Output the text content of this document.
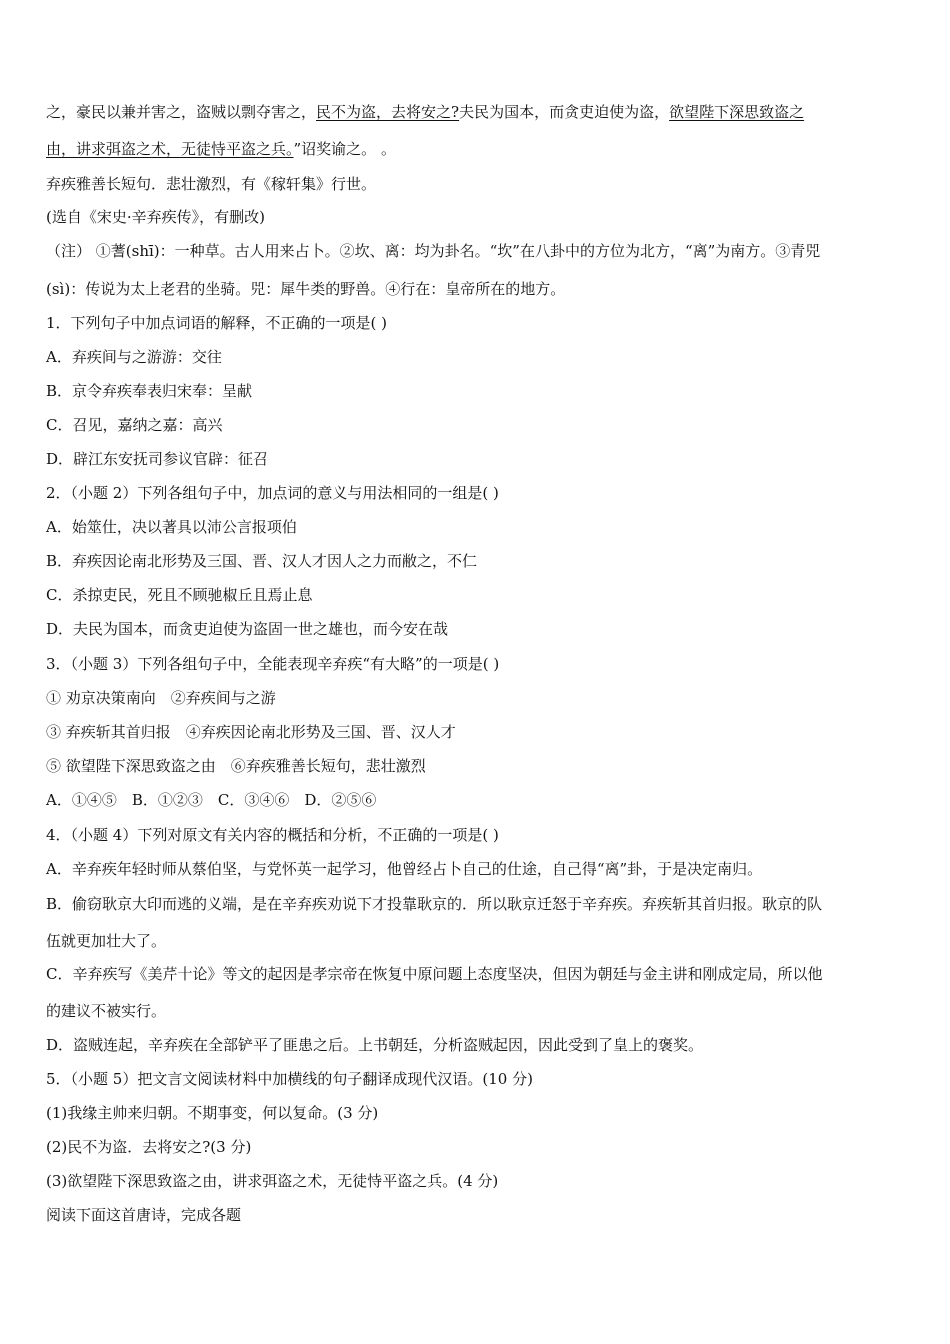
之，豪民以兼并害之，盗贼以剽夺害之，民不为盗，去将安之?夫民为国本，而贪吏迫使为盗，欲望陛下深思致盗之
由，讲求弭盗之术，无徒恃平盗之兵。”诏奖谕之。 。
弃疾雅善长短句．悲壮激烈，有《稼轩集》行世。
(选自《宋史·辛弃疾传》，有删改)
（注） ①蓍(shī)：一种草。古人用来占卜。②坎、离：均为卦名。“坎”在八卦中的方位为北方，“离”为南方。③青兕
(sì)：传说为太上老君的坐骑。兕：犀牛类的野兽。④行在：皇帝所在的地方。
1．下列句子中加点词语的解释，不正确的一项是( )
A．弃疾间与之游游：交往
B．京令弃疾奉表归宋奉：呈献
C．召见，嘉纳之嘉：高兴
D．辟江东安抚司参议官辟：征召
2．（小题 2）下列各组句子中，加点词的意义与用法相同的一组是( )
A．始筮仕，决以著具以沛公言报项伯
B．弃疾因论南北形势及三国、晋、汉人才因人之力而敝之，不仁
C．杀掠吏民，死且不顾驰椒丘且焉止息
D．夫民为国本，而贪吏迫使为盗固一世之雄也，而今安在哉
3．（小题 3）下列各组句子中，全能表现辛弃疾“有大略”的一项是( )
① 劝京决策南向　②弃疾间与之游
③ 弃疾斩其首归报　④弃疾因论南北形势及三国、晋、汉人才
⑤ 欲望陛下深思致盗之由　⑥弃疾雅善长短句，悲壮激烈
A．①④⑤　B．①②③　C．③④⑥　D．②⑤⑥
4．（小题 4）下列对原文有关内容的概括和分析，不正确的一项是( )
A．辛弃疾年轻时师从蔡伯坚，与党怀英一起学习，他曾经占卜自己的仕途，自己得“离”卦，于是决定南归。
B．偷窃耿京大印而逃的义端，是在辛弃疾劝说下才投靠耿京的．所以耿京迁怒于辛弃疾。弃疾斩其首归报。耿京的队
伍就更加壮大了。
C．辛弃疾写《美芹十论》等文的起因是孝宗帝在恢复中原问题上态度坚决，但因为朝廷与金主讲和刚成定局，所以他
的建议不被实行。
D．盗贼连起，辛弃疾在全部铲平了匪患之后。上书朝廷，分析盗贼起因，因此受到了皇上的褒奖。
5．（小题 5）把文言文阅读材料中加横线的句子翻译成现代汉语。(10 分)
(1)我缘主帅来归朝。不期事变，何以复命。(3 分)
(2)民不为盗．去将安之?(3 分)
(3)欲望陛下深思致盗之由，讲求弭盗之术，无徒恃平盗之兵。(4 分)
阅读下面这首唐诗，完成各题
